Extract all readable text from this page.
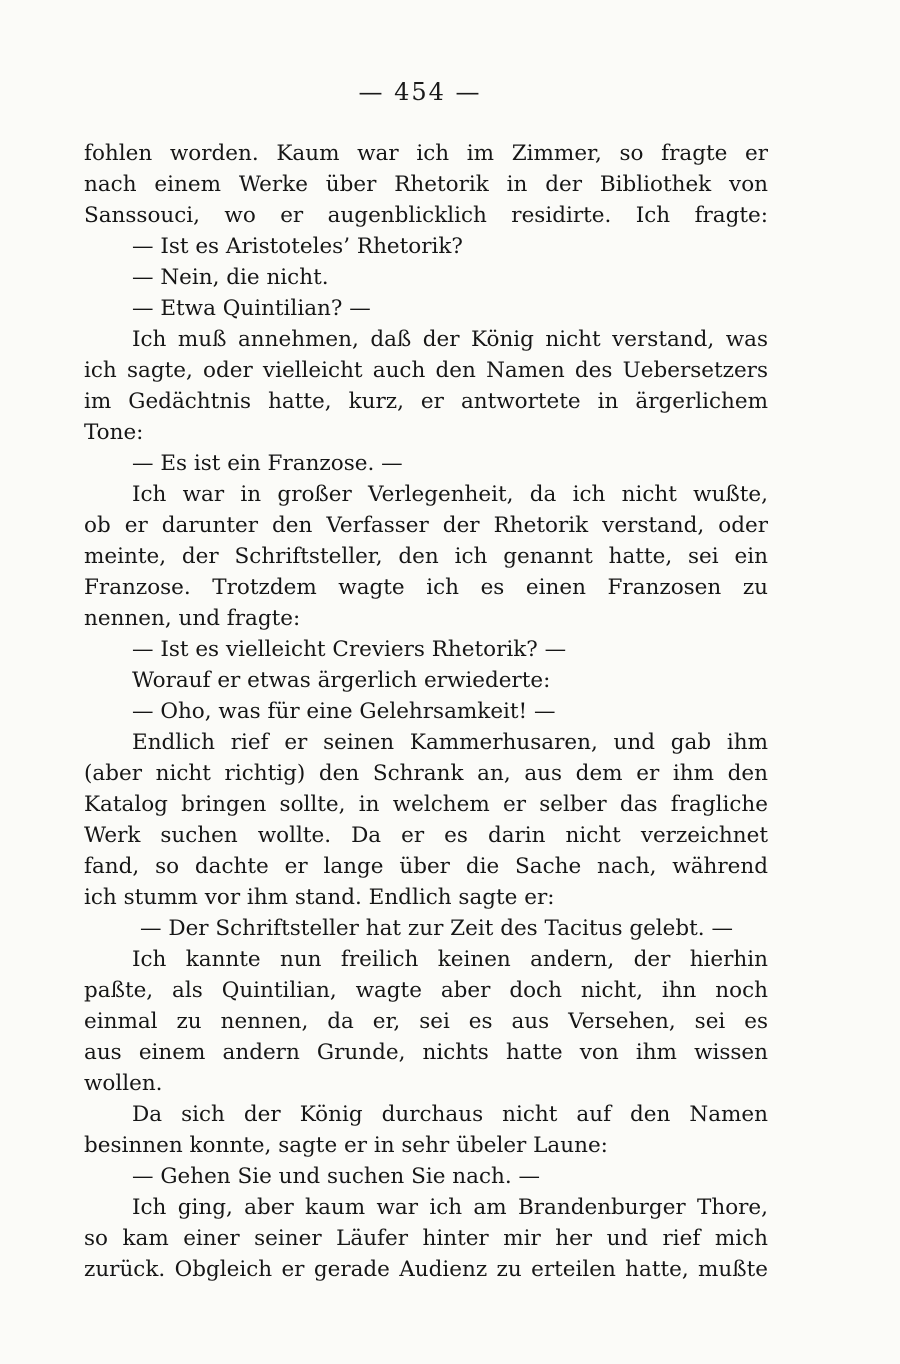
— 454 —
fohlen worden. Kaum war ich im Zimmer, so fragte er
nach einem Werke über Rhetorik in der Bibliothek von
Sanssouci, wo er augenblicklich residirte. Ich fragte:
— Ist es Aristoteles’ Rhetorik?
— Nein, die nicht.
— Etwa Quintilian? —
Ich muß annehmen, daß der König nicht verstand, was
ich sagte, oder vielleicht auch den Namen des Uebersetzers
im Gedächtnis hatte, kurz, er antwortete in ärgerlichem
Tone:
— Es ist ein Franzose. —
Ich war in großer Verlegenheit, da ich nicht wußte,
ob er darunter den Verfasser der Rhetorik verstand, oder
meinte, der Schriftsteller, den ich genannt hatte, sei ein
Franzose. Trotzdem wagte ich es einen Franzosen zu
nennen, und fragte:
— Ist es vielleicht Creviers Rhetorik? —
Worauf er etwas ärgerlich erwiederte:
— Oho, was für eine Gelehrsamkeit! —
Endlich rief er seinen Kammerhusaren, und gab ihm
(aber nicht richtig) den Schrank an, aus dem er ihm den
Katalog bringen sollte, in welchem er selber das fragliche
Werk suchen wollte. Da er es darin nicht verzeichnet
fand, so dachte er lange über die Sache nach, während
ich stumm vor ihm stand. Endlich sagte er:
— Der Schriftsteller hat zur Zeit des Tacitus gelebt. —
Ich kannte nun freilich keinen andern, der hierhin
paßte, als Quintilian, wagte aber doch nicht, ihn noch
einmal zu nennen, da er, sei es aus Versehen, sei es
aus einem andern Grunde, nichts hatte von ihm wissen
wollen.
Da sich der König durchaus nicht auf den Namen
besinnen konnte, sagte er in sehr übeler Laune:
— Gehen Sie und suchen Sie nach. —
Ich ging, aber kaum war ich am Brandenburger Thore,
so kam einer seiner Läufer hinter mir her und rief mich
zurück. Obgleich er gerade Audienz zu erteilen hatte, mußte
